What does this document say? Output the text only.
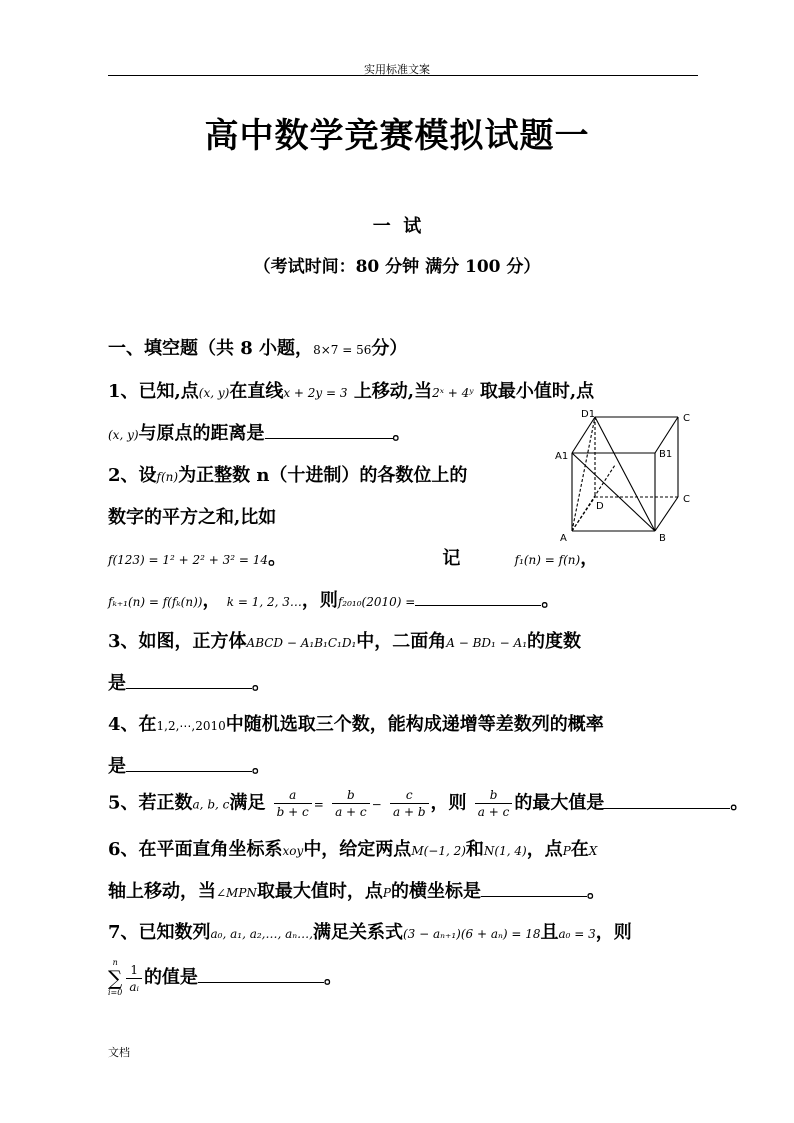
实用标准文案
高中数学竞赛模拟试题一
一  试
（考试时间：80 分钟 满分 100 分）
一、填空题（共 8 小题，8×7 = 56分）
1、已知,点(x, y)在直线x + 2y = 3 上移动,当2ˣ + 4ʸ 取最小值时,点
(x, y)与原点的距离是	。
2、设f(n)为正整数 n（十进制）的各数位上的
数字的平方之和,比如
f(123) = 1² + 2² + 3² = 14。	记	f₁(n) = f(n)，
fₖ₊₁(n) = f(fₖ(n))， k = 1, 2, 3…，则f₂₀₁₀(2010) =	。
D1	C
A1	B1
C
D
A	B
3、如图，正方体ABCD − A₁B₁C₁D₁中，二面角A − BD₁ − A₁的度数
是	。
4、在1,2,⋯,2010中随机选取三个数，能构成递增等差数列的概率
是	。
5、若正数a, b, c满足 $\frac{a}{b + c} = \frac{b}{a + c} - \frac{c}{a + b}$ ，则 $\frac{b}{a + c}$ 的最大值是	。
6、在平面直角坐标系xoy中，给定两点M(−1, 2)和N(1, 4)，点P在X
轴上移动，当∠MPN取最大值时，点P的横坐标是	。
7、已知数列a₀, a₁, a₂,…, aₙ…,满足关系式(3 − aₙ₊₁)(6 + aₙ) = 18且a₀ = 3，则
n
∑
$i=0 \frac{1}{\text{aᵢ}}$ 的值是	。
文档
